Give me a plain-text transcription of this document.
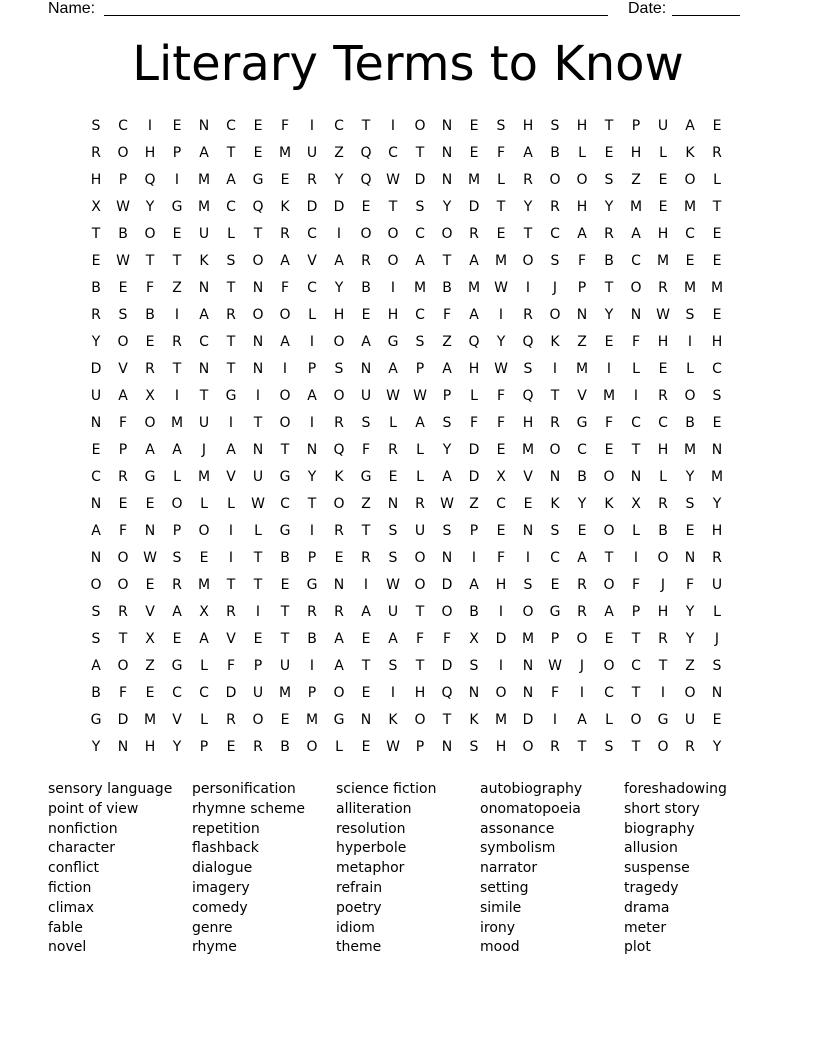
Name:	Date:
Literary Terms to Know
S	C	I	E	N	C	E	F	I	C	T	I	O	N	E	S	H	S	H	T	P	U	A	E
R	O	H	P	A	T	E	M	U	Z	Q	C	T	N	E	F	A	B	L	E	H	L	K	R
H	P	Q	I	M	A	G	E	R	Y	Q	W	D	N	M	L	R	O	O	S	Z	E	O	L
X	W	Y	G	M	C	Q	K	D	D	E	T	S	Y	D	T	Y	R	H	Y	M	E	M	T
T	B	O	E	U	L	T	R	C	I	O	O	C	O	R	E	T	C	A	R	A	H	C	E
E	W	T	T	K	S	O	A	V	A	R	O	A	T	A	M	O	S	F	B	C	M	E	E
B	E	F	Z	N	T	N	F	C	Y	B	I	M	B	M	W	I	J	P	T	O	R	M	M
R	S	B	I	A	R	O	O	L	H	E	H	C	F	A	I	R	O	N	Y	N	W	S	E
Y	O	E	R	C	T	N	A	I	O	A	G	S	Z	Q	Y	Q	K	Z	E	F	H	I	H
D	V	R	T	N	T	N	I	P	S	N	A	P	A	H	W	S	I	M	I	L	E	L	C
U	A	X	I	T	G	I	O	A	O	U	W W	P	L	F	Q	T	V	M	I	R	O	S
N	F	O	M	U	I	T	O	I	R	S	L	A	S	F	F	H	R	G	F	C	C	B	E
E	P	A	A	J	A	N	T	N	Q	F	R	L	Y	D	E	M	O	C	E	T	H	M	N
C	R	G	L	M	V	U	G	Y	K	G	E	L	A	D	X	V	N	B	O	N	L	Y	M
N	E	E	O	L	L	W	C	T	O	Z	N	R	W	Z	C	E	K	Y	K	X	R	S	Y
A	F	N	P	O	I	L	G	I	R	T	S	U	S	P	E	N	S	E	O	L	B	E	H
N	O	W	S	E	I	T	B	P	E	R	S	O	N	I	F	I	C	A	T	I	O	N	R
O	O	E	R	M	T	T	E	G	N	I	W	O	D	A	H	S	E	R	O	F	J	F	U
S	R	V	A	X	R	I	T	R	R	A	U	T	O	B	I	O	G	R	A	P	H	Y	L
S	T	X	E	A	V	E	T	B	A	E	A	F	F	X	D	M	P	O	E	T	R	Y	J
A	O	Z	G	L	F	P	U	I	A	T	S	T	D	S	I	N	W	J	O	C	T	Z	S
B	F	E	C	C	D	U	M	P	O	E	I	H	Q	N	O	N	F	I	C	T	I	O	N
G	D	M	V	L	R	O	E	M	G	N	K	O	T	K	M	D	I	A	L	O	G	U	E
Y	N	H	Y	P	E	R	B	O	L	E	W	P	N	S	H	O	R	T	S	T	O	R	Y
sensory language
point of view
nonfiction
character
conflict
fiction
climax
fable
novel
personification
rhymne scheme
repetition
flashback
dialogue
imagery
comedy
genre
rhyme
science fiction
alliteration
resolution
hyperbole
metaphor
refrain
poetry
idiom
theme
autobiography
onomatopoeia
assonance
symbolism
narrator
setting
simile
irony
mood
foreshadowing
short story
biography
allusion
suspense
tragedy
drama
meter
plot
